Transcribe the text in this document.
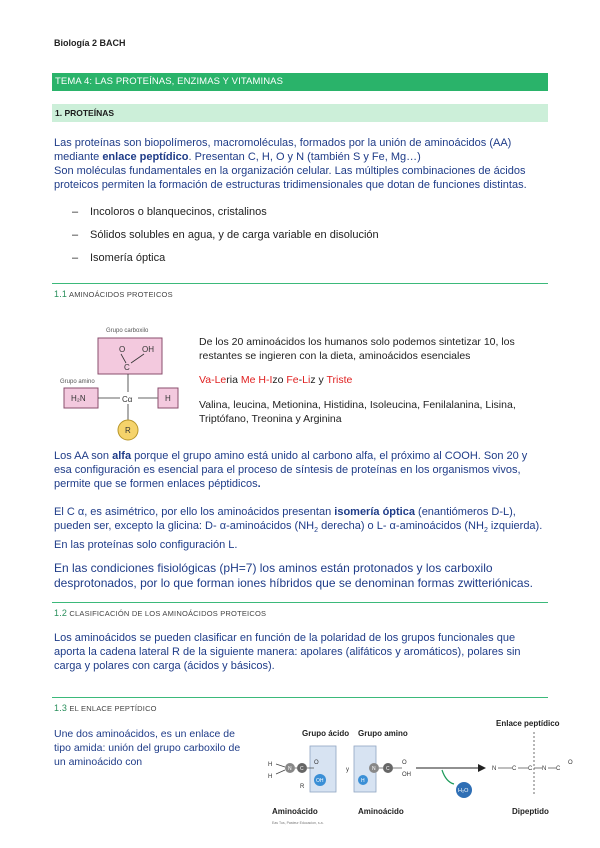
Biología 2 BACH
TEMA 4: LAS PROTEÍNAS, ENZIMAS Y VITAMINAS
1. PROTEÍNAS
Las proteínas son biopolímeros, macromoléculas, formados por la unión de aminoácidos (AA) mediante enlace peptídico. Presentan C, H, O y N (también S y Fe, Mg…)
Son moléculas fundamentales en la organización celular. Las múltiples combinaciones de ácidos proteicos permiten la formación de estructuras tridimensionales que dotan de funciones distintas.
– Incoloros o blanquecinos, cristalinos
– Sólidos solubles en agua, y de carga variable en disolución
– Isomería óptica
1.1 AMINOÁCIDOS PROTEICOS
Grupo carboxilo
O OH
C
Grupo amino
H₂N	Cα	H
R
De los 20 aminoácidos los humanos solo podemos sintetizar 10, los restantes se ingieren con la dieta, aminoácidos esenciales
Va-Leria Me H-Izo Fe-Liz y Triste
Valina, leucina, Metionina, Histidina, Isoleucina, Fenilalanina, Lisina, Triptófano, Treonina y Arginina
Los AA son alfa porque el grupo amino está unido al carbono alfa, el próximo al COOH. Son 20 y esa configuración es esencial para el proceso de síntesis de proteínas en los organismos vivos, permite que se formen enlaces péptidicos.
El C α, es asimétrico, por ello los aminoácidos presentan isomería óptica (enantiómeros D-L), pueden ser, excepto la glicina: D- α-aminoácidos ($NH_2$ derecha) o L- α-aminoácidos ($NH_2$ izquierda). En las proteínas solo configuración L.
En las condiciones fisiológicas (pH=7) los aminos están protonados y los carboxilo desprotonados, por lo que forman iones híbridos que se denominan formas zwitteriónicas.
1.2 CLASIFICACIÓN DE LOS AMINOÁCIDOS PROTEICOS
Los aminoácidos se pueden clasificar en función de la polaridad de los grupos funcionales que aporta la cadena lateral R de la siguiente manera: apolares (alifáticos y aromáticos), polares sin carga y polares con carga (ácidos y básicos).
1.3 EL ENLACE PEPTÍDICO
Une dos aminoácidos, es un enlace de tipo amida: unión del grupo carboxilo de un aminoácido con
Grupo ácido Grupo amino
Enlace peptídico
N C
H
H
O
OH
R
y
H
N C
O
OH
H₂O
N	C C N C
O
Aminoácido	Aminoácido	Dipeptido
Eas Tus, Pasteur Educacion, s.a.
